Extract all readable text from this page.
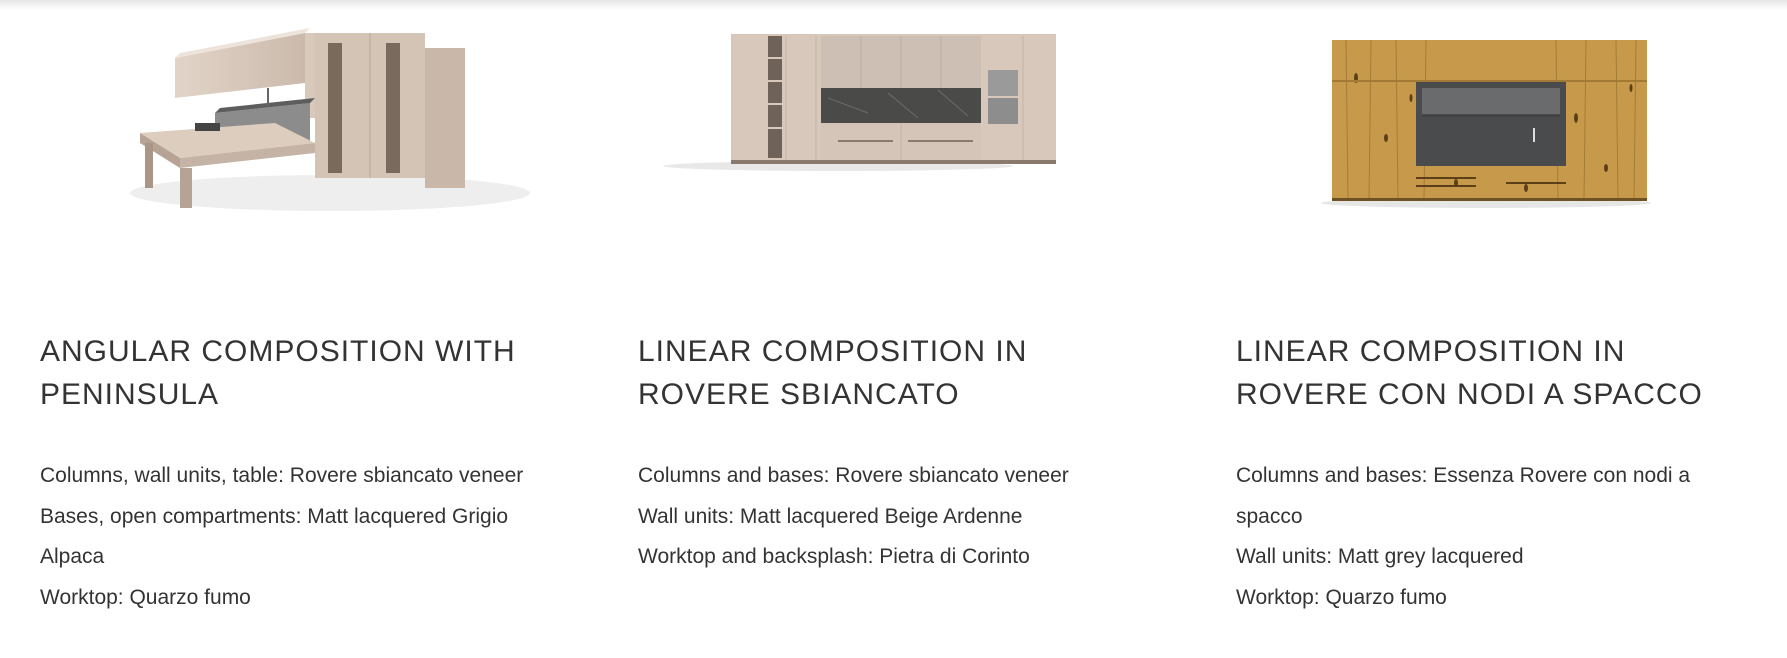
ANGULAR COMPOSITION WITH
PENINSULA
Columns, wall units, table: Rovere sbiancato veneer
Bases, open compartments: Matt lacquered Grigio
Alpaca
Worktop: Quarzo fumo
LINEAR COMPOSITION IN
ROVERE SBIANCATO
Columns and bases: Rovere sbiancato veneer
Wall units: Matt lacquered Beige Ardenne
Worktop and backsplash: Pietra di Corinto
LINEAR COMPOSITION IN
ROVERE CON NODI A SPACCO
Columns and bases: Essenza Rovere con nodi a
spacco
Wall units: Matt grey lacquered
Worktop: Quarzo fumo
